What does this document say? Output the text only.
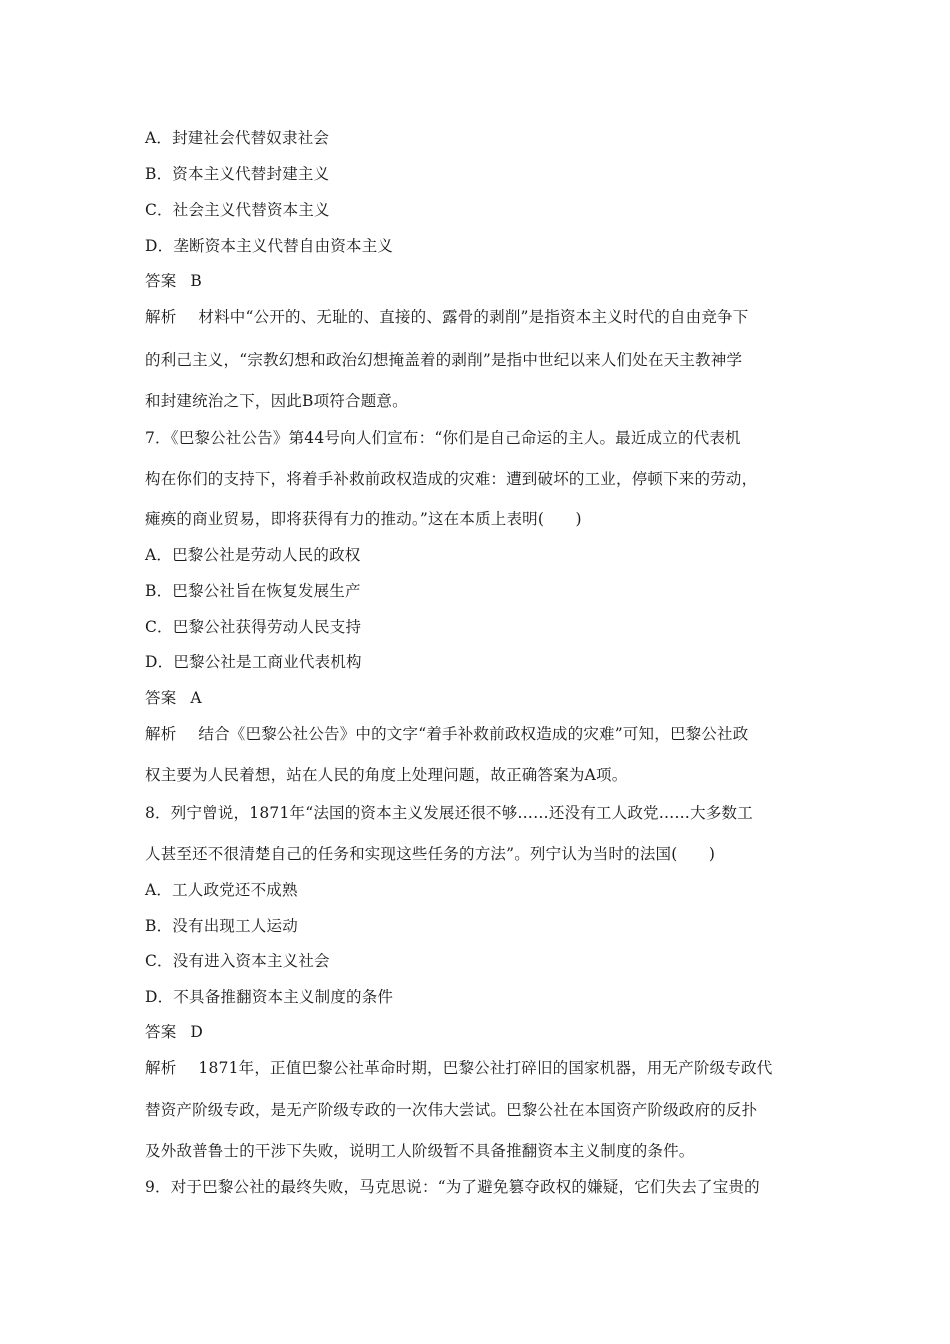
A．封建社会代替奴隶社会
B．资本主义代替封建主义
C．社会主义代替资本主义
D．垄断资本主义代替自由资本主义
答案 B
解析 材料中“公开的、无耻的、直接的、露骨的剥削”是指资本主义时代的自由竞争下
的利己主义，“宗教幻想和政治幻想掩盖着的剥削”是指中世纪以来人们处在天主教神学
和封建统治之下，因此B项符合题意。
7．《巴黎公社公告》第44号向人们宣布：“你们是自己命运的主人。最近成立的代表机
构在你们的支持下，将着手补救前政权造成的灾难：遭到破坏的工业，停顿下来的劳动，
瘫痪的商业贸易，即将获得有力的推动。”这在本质上表明(　　)
A．巴黎公社是劳动人民的政权
B．巴黎公社旨在恢复发展生产
C．巴黎公社获得劳动人民支持
D．巴黎公社是工商业代表机构
答案 A
解析 结合《巴黎公社公告》中的文字“着手补救前政权造成的灾难”可知，巴黎公社政
权主要为人民着想，站在人民的角度上处理问题，故正确答案为A项。
8．列宁曾说，1871年“法国的资本主义发展还很不够……还没有工人政党……大多数工
人甚至还不很清楚自己的任务和实现这些任务的方法”。列宁认为当时的法国(　　)
A．工人政党还不成熟
B．没有出现工人运动
C．没有进入资本主义社会
D．不具备推翻资本主义制度的条件
答案 D
解析 1871年，正值巴黎公社革命时期，巴黎公社打碎旧的国家机器，用无产阶级专政代
替资产阶级专政，是无产阶级专政的一次伟大尝试。巴黎公社在本国资产阶级政府的反扑
及外敌普鲁士的干涉下失败，说明工人阶级暂不具备推翻资本主义制度的条件。
9．对于巴黎公社的最终失败，马克思说：“为了避免篡夺政权的嫌疑，它们失去了宝贵的
